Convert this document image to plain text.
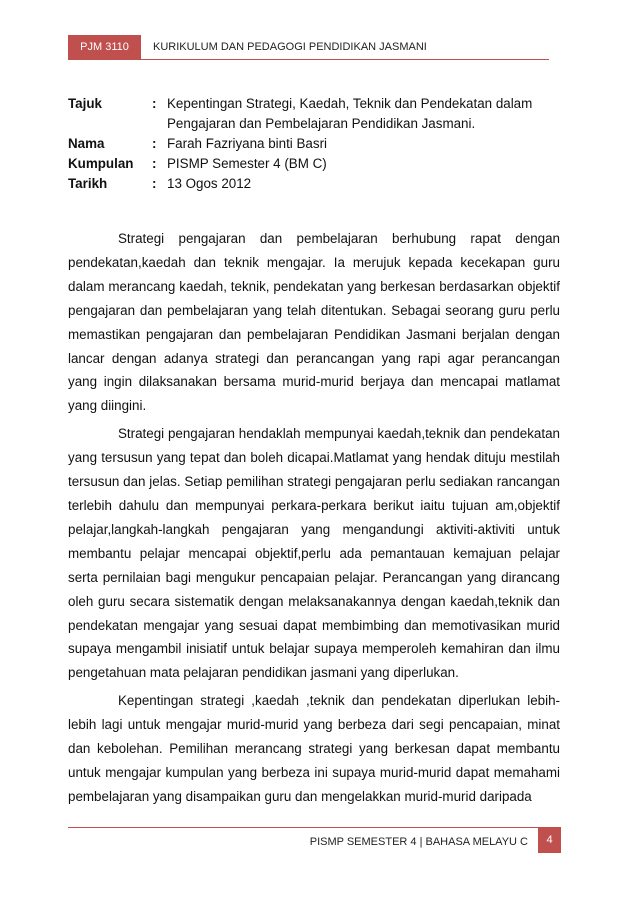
PJM 3110	KURIKULUM DAN PEDAGOGI PENDIDIKAN JASMANI
Tajuk	: Kepentingan Strategi, Kaedah, Teknik dan Pendekatan dalam Pengajaran dan Pembelajaran Pendidikan Jasmani.
Nama	: Farah Fazriyana binti Basri
Kumpulan : PISMP Semester 4 (BM C)
Tarikh	: 13 Ogos 2012

Strategi pengajaran dan pembelajaran berhubung rapat dengan pendekatan,kaedah dan teknik mengajar. Ia merujuk kepada kecekapan guru dalam merancang kaedah, teknik, pendekatan yang berkesan berdasarkan objektif pengajaran dan pembelajaran yang telah ditentukan. Sebagai seorang guru perlu memastikan pengajaran dan pembelajaran Pendidikan Jasmani berjalan dengan lancar dengan adanya strategi dan perancangan yang rapi agar perancangan yang ingin dilaksanakan bersama murid-murid berjaya dan mencapai matlamat yang diingini.

Strategi pengajaran hendaklah mempunyai kaedah,teknik dan pendekatan yang tersusun yang tepat dan boleh dicapai.Matlamat yang hendak dituju mestilah tersusun dan jelas. Setiap pemilihan strategi pengajaran perlu sediakan rancangan terlebih dahulu dan mempunyai perkara-perkara berikut iaitu tujuan am,objektif pelajar,langkah-langkah pengajaran yang mengandungi aktiviti-aktiviti untuk membantu pelajar mencapai objektif,perlu ada pemantauan kemajuan pelajar serta pernilaian bagi mengukur pencapaian pelajar. Perancangan yang dirancang oleh guru secara sistematik dengan melaksanakannya dengan kaedah,teknik dan pendekatan mengajar yang sesuai dapat membimbing dan memotivasikan murid supaya mengambil inisiatif untuk belajar supaya memperoleh kemahiran dan ilmu pengetahuan mata pelajaran pendidikan jasmani yang diperlukan.

Kepentingan strategi ,kaedah ,teknik dan pendekatan diperlukan lebih-lebih lagi untuk mengajar murid-murid yang berbeza dari segi pencapaian, minat dan kebolehan. Pemilihan merancang strategi yang berkesan dapat membantu untuk mengajar kumpulan yang berbeza ini supaya murid-murid dapat memahami pembelajaran yang disampaikan guru dan mengelakkan murid-murid daripada

PISMP SEMESTER 4 | BAHASA MELAYU C	4
